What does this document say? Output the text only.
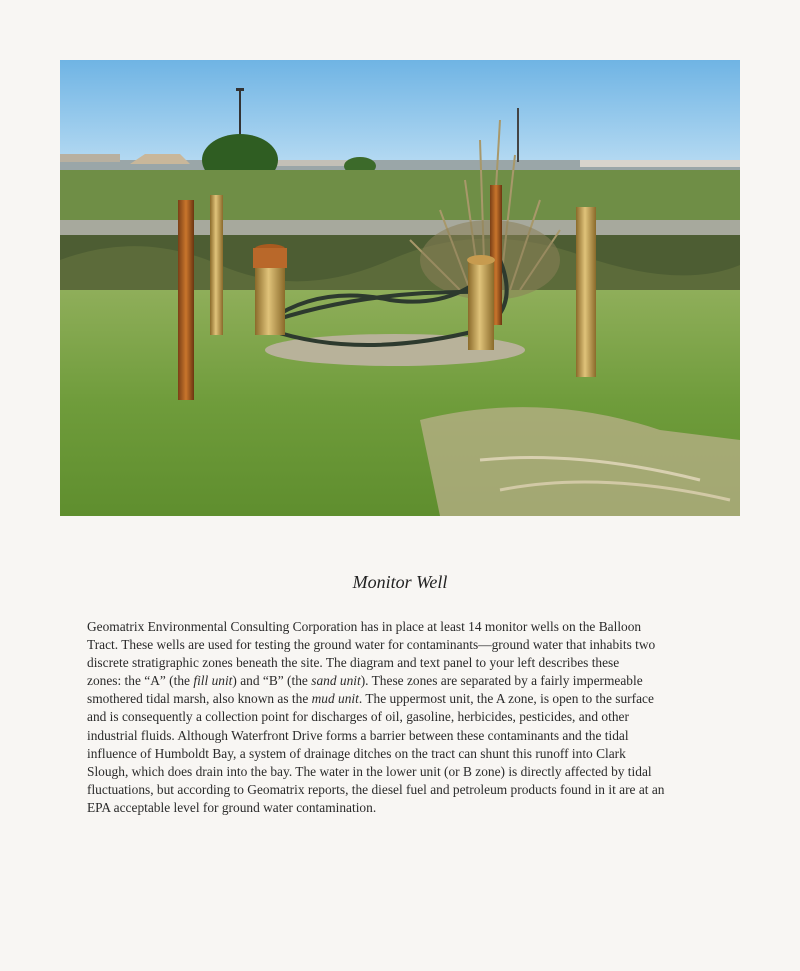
Monitor Well
Geomatrix Environmental Consulting Corporation has in place at least 14 monitor wells on the Balloon
Tract. These wells are used for testing the ground water for contaminants—ground water that inhabits two
discrete stratigraphic zones beneath the site. The diagram and text panel to your left describes these
zones: the “A” (the fill unit) and “B” (the sand unit). These zones are separated by a fairly impermeable
smothered tidal marsh, also known as the mud unit. The uppermost unit, the A zone, is open to the surface
and is consequently a collection point for discharges of oil, gasoline, herbicides, pesticides, and other
industrial fluids. Although Waterfront Drive forms a barrier between these contaminants and the tidal
influence of Humboldt Bay, a system of drainage ditches on the tract can shunt this runoff into Clark
Slough, which does drain into the bay. The water in the lower unit (or B zone) is directly affected by tidal
fluctuations, but according to Geomatrix reports, the diesel fuel and petroleum products found in it are at an
EPA acceptable level for ground water contamination.
